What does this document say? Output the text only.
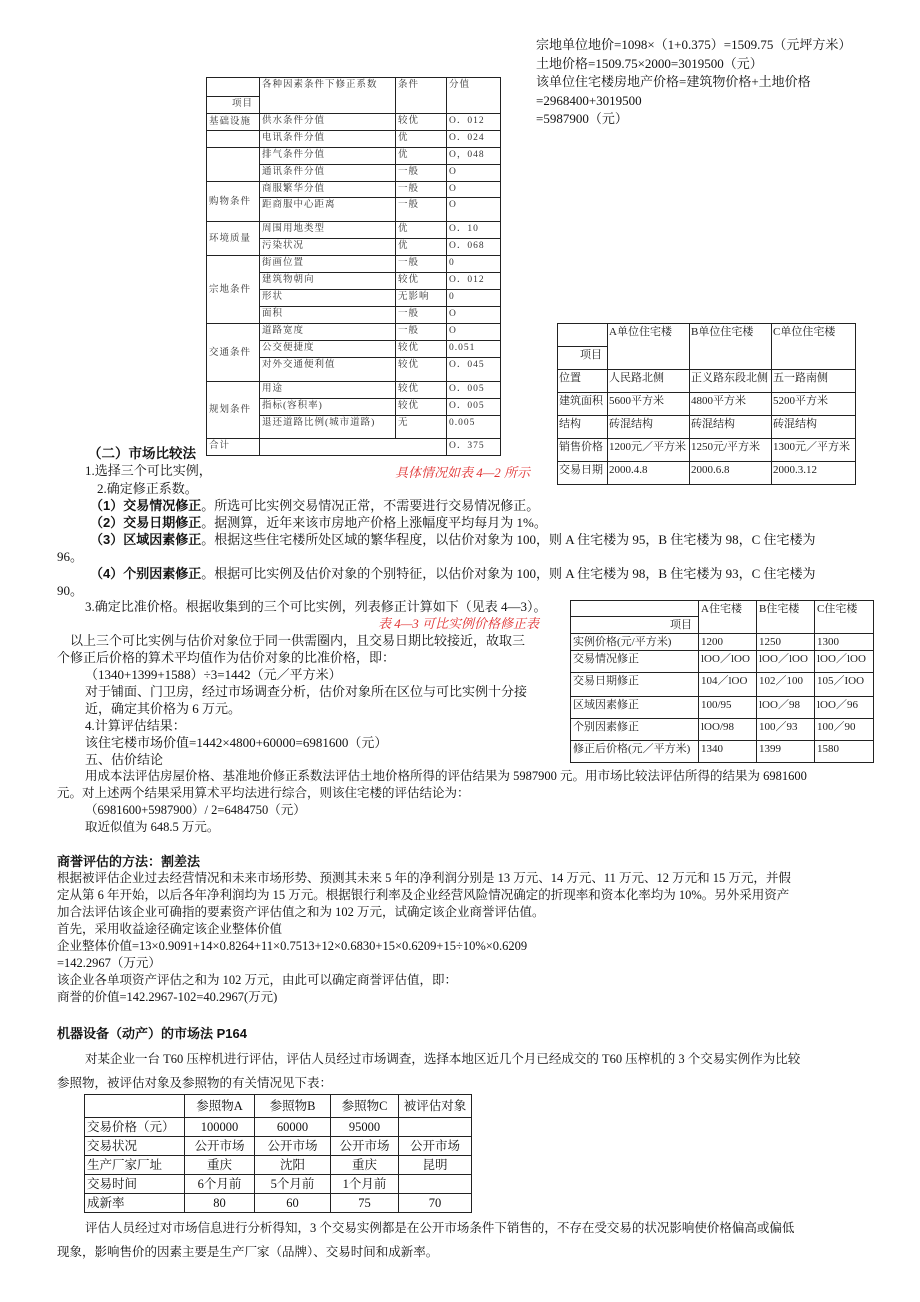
宗地单位地价=1098×（1+0.375）=1509.75（元坪方米）
土地价格=1509.75×2000=3019500（元）
该单位住宅楼房地产价格=建筑物价格+土地价格
=2968400+3019500
=5987900（元）
	各种因素条件下修正系数	条件	分值

项目			

基础设施	供水条件分值	较优	O．012
	电讯条件分值	优	O．024
	排气条件分值	优	O，048
	通讯条件分值	一般	O
购物条件	商服繁华分值	一般	O
	距商服中心距离	一般	O
环境质量	周围用地类型	优	O．10
	污染状况	优	O．068
宗地条件	街画位置	一般	0
	建筑物朝向	较优	O．012
	形状	无影响	0
	面积	一般	O
交通条件	道路宽度	一般	O
	公交便捷度	较优	0.051
	对外交通便利值	较优	O．045
规划条件	用途	较优	O．005
	指标(容积率)	较优	O．005
	退还道路比例(城市道路)	无	0.005
合计			O．375
	A单位住宅楼	B单位住宅楼	C单位住宅楼

项目			

位置	人民路北侧	正义路东段北侧	五一路南侧
建筑面积	5600平方米	4800平方米	5200平方米
结构	砖混结构	砖混结构	砖混结构
销售价格	1200元／平方米	1250元/平方米	1300元／平方米
交易日期	2000.4.8	2000.6.8	2000.3.12
（二）市场比较法
1.选择三个可比实例，	具体情况如表 4—2 所示
2.确定修正系数。
（1）交易情况修正。所选可比实例交易情况正常，不需要进行交易情况修正。
（2）交易日期修正。据测算，近年来该市房地产价格上涨幅度平均每月为 1%。
（3）区域因素修正。根据这些住宅楼所处区域的繁华程度，以估价对象为 100，则 A 住宅楼为 95，B 住宅楼为 98，C 住宅楼为
96。
（4）个别因素修正。根据可比实例及估价对象的个别特征，以估价对象为 100，则 A 住宅楼为 98，B 住宅楼为 93，C 住宅楼为
90。
3.确定比准价格。根据收集到的三个可比实例，列表修正计算如下（见表 4—3）。
表 4—3 可比实例价格修正表
以上三个可比实例与估价对象位于同一供需圈内，且交易日期比较接近，故取三
个修正后价格的算术平均值作为估价对象的比准价格，即：
（1340+1399+1588）÷3=1442（元／平方米）
对于铺面、门卫房，经过市场调查分析，估价对象所在区位与可比实例十分接
近，确定其价格为 6 万元。
4.计算评估结果：
该住宅楼市场价值=1442×4800+60000=6981600（元）
五、估价结论
用成本法评估房屋价格、基准地价修正系数法评估土地价格所得的评估结果为 5987900 元。用市场比较法评估所得的结果为 6981600
元。对上述两个结果采用算术平均法进行综合，则该住宅楼的评估结论为：
（6981600+5987900）/ 2=6484750（元）
取近似值为 648.5 万元。
	A住宅楼	B住宅楼	C住宅楼

项目			

实例价格(元/平方米)	1200	1250	1300
交易情况修正	lOO／lOO	lOO／lOO	lOO／lOO
交易日期修正	104／lOO	102／100	105／IOO
区域因素修正	100/95	lOO／98	lOO／96
个别因素修正	lOO/98	100／93	100／90
修正后价格(元／平方米)	1340	1399	1580
商誉评估的方法：割差法
根据被评估企业过去经营情况和未来市场形势、预测其未来 5 年的净利润分别是 13 万元、14 万元、11 万元、12 万元和 15 万元，并假
定从第 6 年开始，以后各年净利润均为 15 万元。根据银行利率及企业经营风险情况确定的折现率和资本化率均为 10%。另外采用资产
加合法评估该企业可确指的要素资产评估值之和为 102 万元，试确定该企业商誉评估值。
首先，采用收益途径确定该企业整体价值
企业整体价值=13×0.9091+14×0.8264+11×0.7513+12×0.6830+15×0.6209+15÷10%×0.6209
=142.2967（万元）
该企业各单项资产评估之和为 102 万元，由此可以确定商誉评估值，即：
商誉的价值=142.2967-102=40.2967(万元)
机器设备（动产）的市场法 P164
对某企业一台 T60 压榨机进行评估，评估人员经过市场调查，选择本地区近几个月已经成交的 T60 压榨机的 3 个交易实例作为比较
参照物，被评估对象及参照物的有关情况见下表：
	参照物A	参照物B	参照物C	被评估对象
交易价格（元）	100000	60000	95000	
交易状况	公开市场	公开市场	公开市场	公开市场
生产厂家厂址	重庆	沈阳	重庆	昆明
交易时间	6个月前	5个月前	1个月前	
成新率	80	60	75	70
评估人员经过对市场信息进行分析得知，3 个交易实例都是在公开市场条件下销售的，不存在受交易的状况影响使价格偏高或偏低
现象，影响售价的因素主要是生产厂家（品牌）、交易时间和成新率。
